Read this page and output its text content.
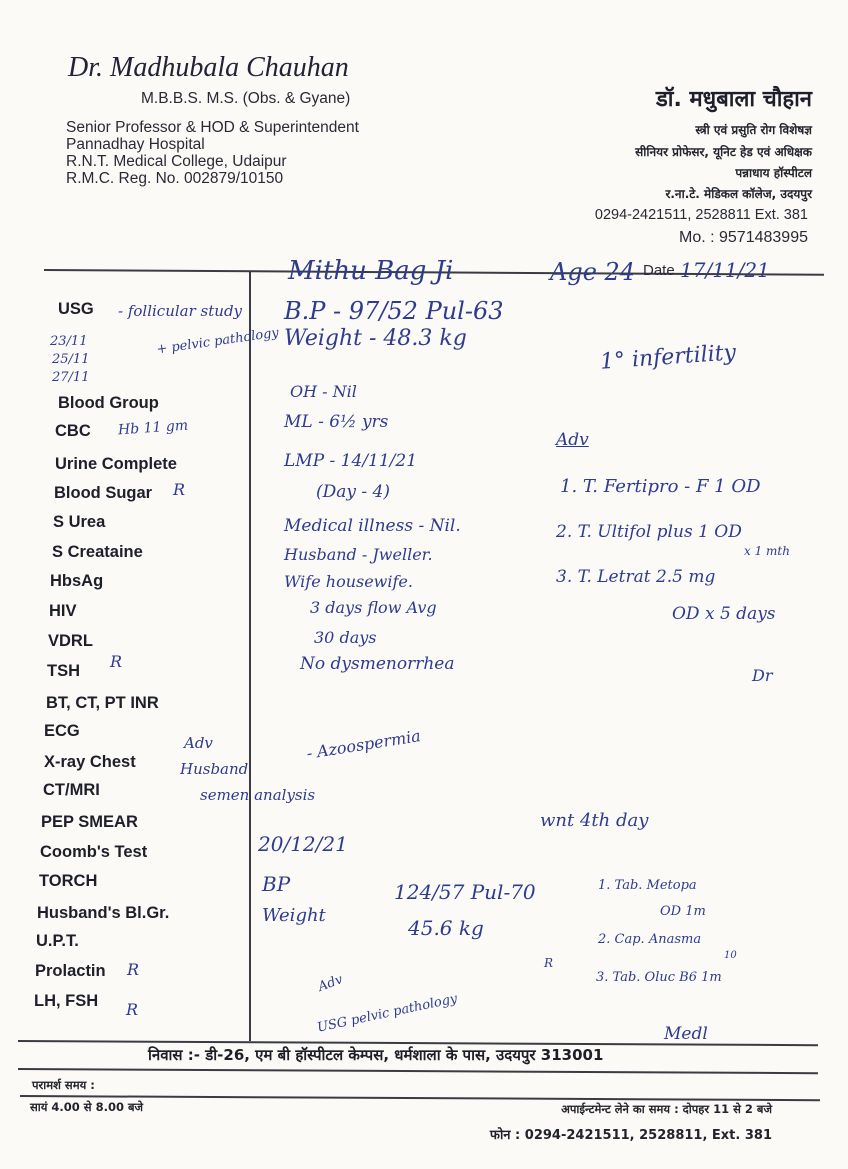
Dr. Madhubala Chauhan
M.B.B.S. M.S. (Obs. & Gyane)
Senior Professor & HOD & Superintendent
Pannadhay Hospital
R.N.T. Medical College, Udaipur
R.M.C. Reg. No. 002879/10150
डॉ. मधुबाला चौहान
स्त्री एवं प्रसुति रोग विशेषज्ञ
सीनियर प्रोफेसर, यूनिट हेड एवं अधिक्षक
पन्नाधाय हॉस्पीटल
र.ना.टे. मेडिकल कॉलेज, उदयपुर
0294-2421511, 2528811 Ext. 381
Mo. : 9571483995
Date 17/11/21
USG
Blood Group
CBC
Urine Complete
Blood Sugar
S Urea
S Creataine
HbsAg
HIV
VDRL
TSH
BT, CT, PT INR
ECG
X-ray Chest
CT/MRI
PEP SMEAR
Coomb's Test
TORCH
Husband's Bl.Gr.
U.P.T.
Prolactin
LH, FSH
- follicular study
+ pelvic pathology
23/11
25/11
27/11
Hb 11 gm
R
R
R
R
Mithu Bag Ji	Age 24
B.P - 97/52 Pul-63
Weight - 48.3 kg
1° infertility
OH - Nil
ML - 6½ yrs
LMP - 14/11/21
(Day - 4)
Medical illness - Nil.
Husband - Jweller.
Wife housewife.
3 days flow Avg
30 days
No dysmenorrhea
Adv
1. T. Fertipro - F 1 OD
2. T. Ultifol plus 1 OD
x 1 mth
3. T. Letrat 2.5 mg
OD x 5 days
Dr
Adv
Husband
semen analysis
- Azoospermia
20/12/21
wnt 4th day
BP	124/57 Pul-70
Weight
45.6 kg
1. Tab. Metopa
OD 1m
2. Cap. Anasma
10
3. Tab. Oluc B6 1m
Adv
USG pelvic pathology
R
Medl
निवास :- डी-26, एम बी हॉस्पीटल केम्पस, धर्मशाला के पास, उदयपुर 313001
परामर्श समय :
सायं 4.00 से 8.00 बजे	अपाईन्टमेन्ट लेने का समय : दोपहर 11 से 2 बजे
फोन : 0294-2421511, 2528811, Ext. 381
